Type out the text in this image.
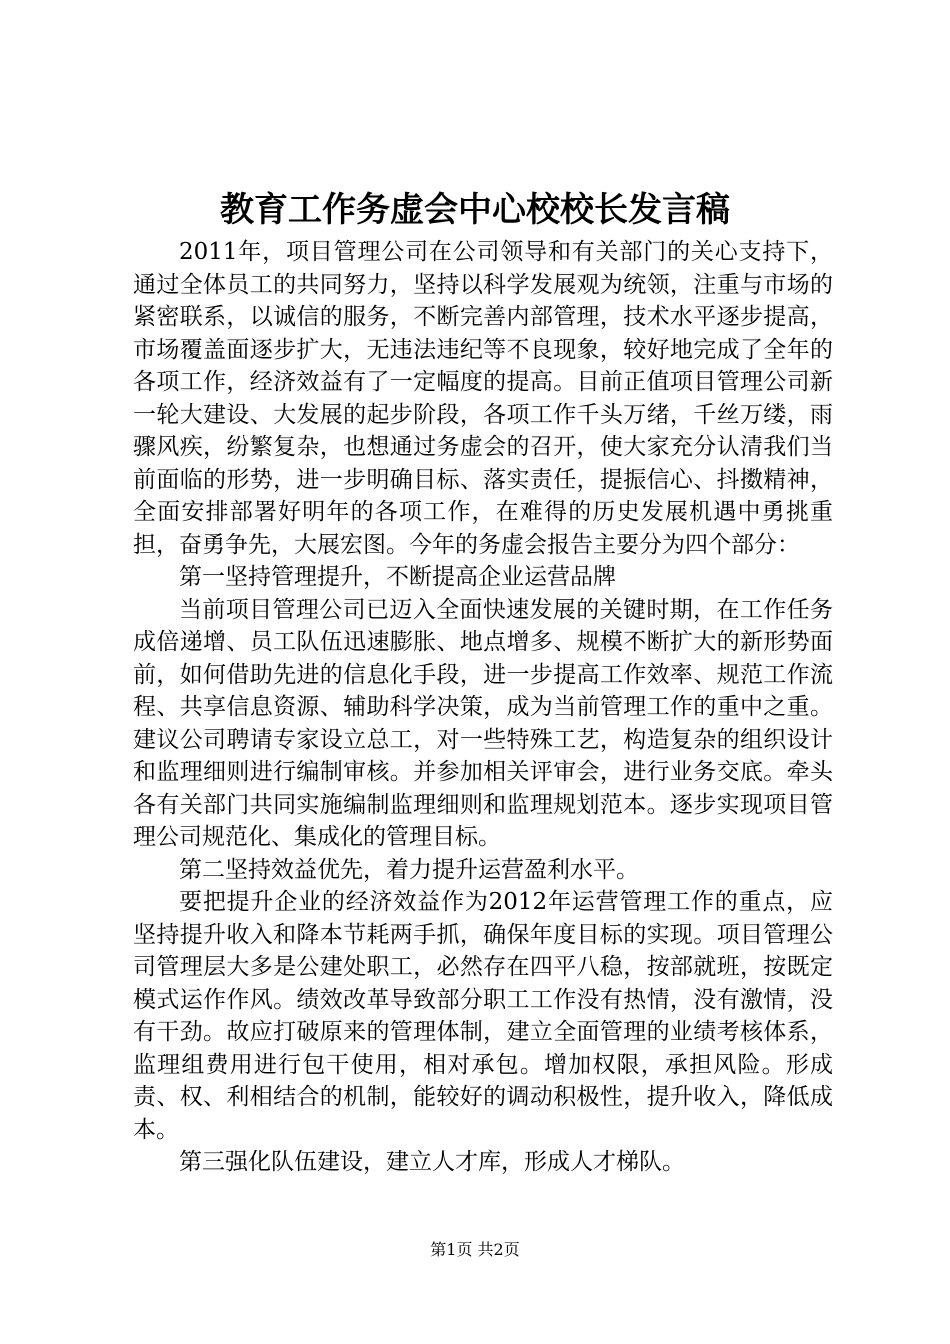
教育工作务虚会中心校校长发言稿

2011年，项目管理公司在公司领导和有关部门的关心支持下，通过全体员工的共同努力，坚持以科学发展观为统领，注重与市场的紧密联系，以诚信的服务，不断完善内部管理，技术水平逐步提高，市场覆盖面逐步扩大，无违法违纪等不良现象，较好地完成了全年的各项工作，经济效益有了一定幅度的提高。目前正值项目管理公司新一轮大建设、大发展的起步阶段，各项工作千头万绪，千丝万缕，雨骤风疾，纷繁复杂，也想通过务虚会的召开，使大家充分认清我们当前面临的形势，进一步明确目标、落实责任，提振信心、抖擞精神，全面安排部署好明年的各项工作，在难得的历史发展机遇中勇挑重担，奋勇争先，大展宏图。今年的务虚会报告主要分为四个部分：

第一坚持管理提升，不断提高企业运营品牌

当前项目管理公司已迈入全面快速发展的关键时期，在工作任务成倍递增、员工队伍迅速膨胀、地点增多、规模不断扩大的新形势面前，如何借助先进的信息化手段，进一步提高工作效率、规范工作流程、共享信息资源、辅助科学决策，成为当前管理工作的重中之重。建议公司聘请专家设立总工，对一些特殊工艺，构造复杂的组织设计和监理细则进行编制审核。并参加相关评审会，进行业务交底。牵头各有关部门共同实施编制监理细则和监理规划范本。逐步实现项目管理公司规范化、集成化的管理目标。

第二坚持效益优先，着力提升运营盈利水平。

要把提升企业的经济效益作为2012年运营管理工作的重点，应坚持提升收入和降本节耗两手抓，确保年度目标的实现。项目管理公司管理层大多是公建处职工，必然存在四平八稳，按部就班，按既定模式运作作风。绩效改革导致部分职工工作没有热情，没有激情，没有干劲。故应打破原来的管理体制，建立全面管理的业绩考核体系，监理组费用进行包干使用，相对承包。增加权限，承担风险。形成责、权、利相结合的机制，能较好的调动积极性，提升收入，降低成本。

第三强化队伍建设，建立人才库，形成人才梯队。

第1页 共2页
